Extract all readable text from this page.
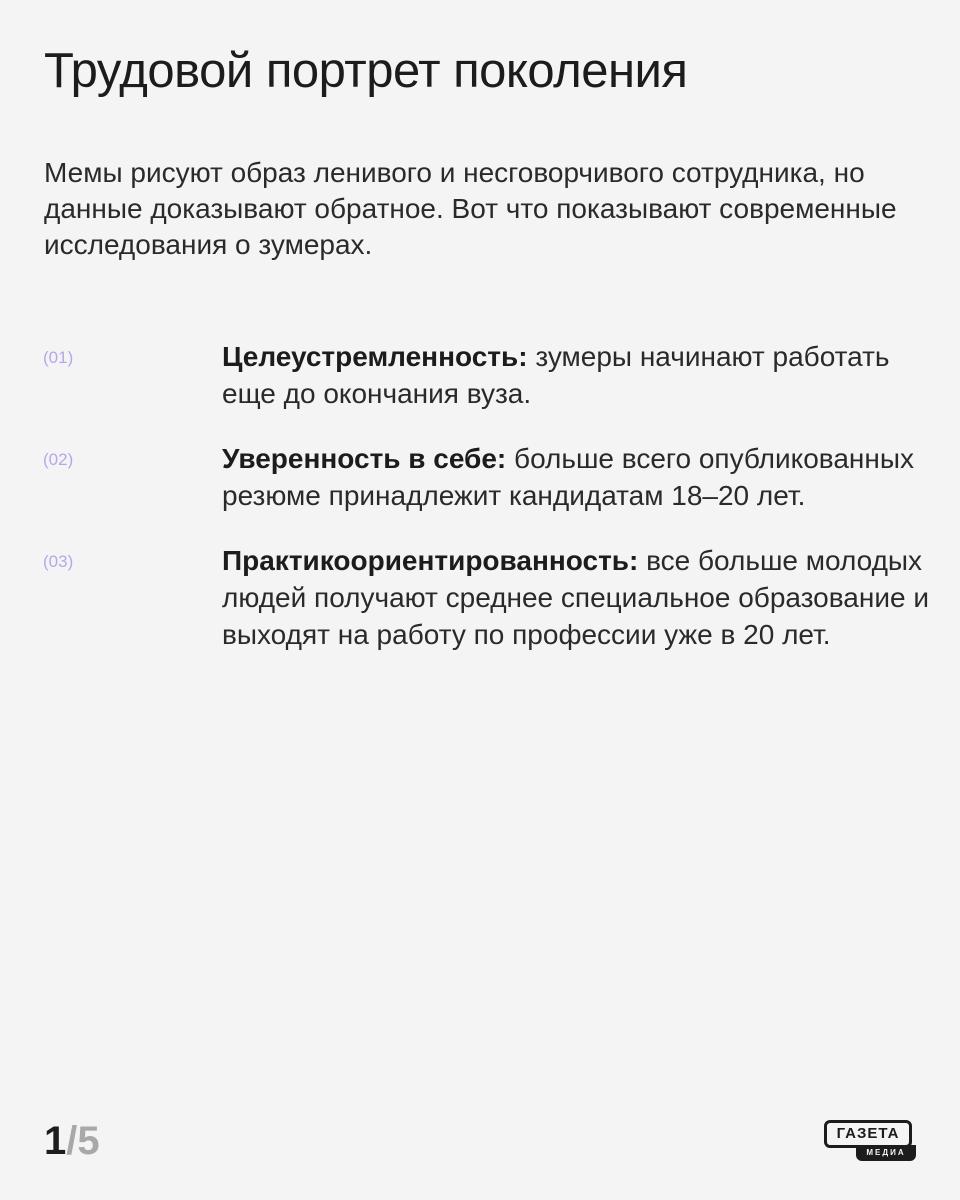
Трудовой портрет поколения

Мемы рисуют образ ленивого и несговорчивого сотрудника, но данные доказывают обратное. Вот что показывают современные исследования о зумерах.

(01)	Целеустремленность: зумеры начинают работать еще до окончания вуза.
(02)	Уверенность в себе: больше всего опубликованных резюме принадлежит кандидатам 18–20 лет.
(03)	Практикоориентированность: все больше молодых людей получают среднее специальное образование и выходят на работу по профессии уже в 20 лет.
1/5	ГАЗЕТА
МЕДИА
